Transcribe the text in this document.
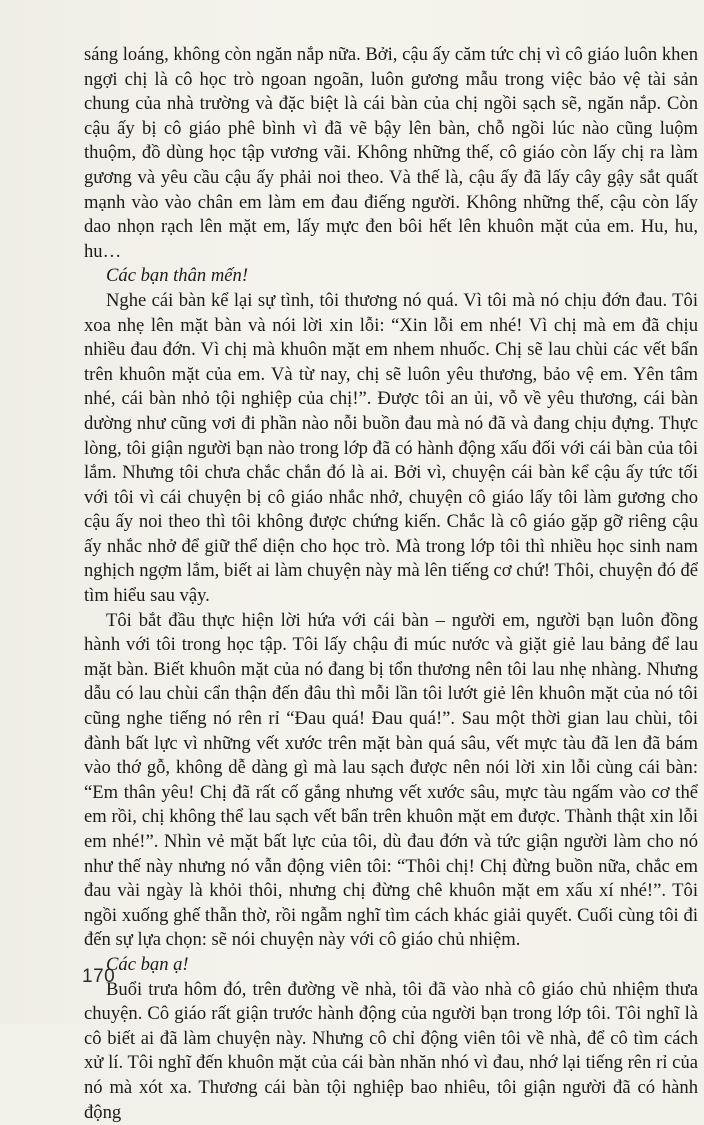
sáng loáng, không còn ngăn nắp nữa. Bởi, cậu ấy căm tức chị vì cô giáo luôn khen ngợi chị là cô học trò ngoan ngoãn, luôn gương mẫu trong việc bảo vệ tài sản chung của nhà trường và đặc biệt là cái bàn của chị ngồi sạch sẽ, ngăn nắp. Còn cậu ấy bị cô giáo phê bình vì đã vẽ bậy lên bàn, chỗ ngồi lúc nào cũng luộm thuộm, đồ dùng học tập vương vãi. Không những thế, cô giáo còn lấy chị ra làm gương và yêu cầu cậu ấy phải noi theo. Và thế là, cậu ấy đã lấy cây gậy sắt quất mạnh vào vào chân em làm em đau điếng người. Không những thế, cậu còn lấy dao nhọn rạch lên mặt em, lấy mực đen bôi hết lên khuôn mặt của em. Hu, hu, hu…

Các bạn thân mến!

Nghe cái bàn kể lại sự tình, tôi thương nó quá. Vì tôi mà nó chịu đớn đau. Tôi xoa nhẹ lên mặt bàn và nói lời xin lỗi: “Xin lỗi em nhé! Vì chị mà em đã chịu nhiều đau đớn. Vì chị mà khuôn mặt em nhem nhuốc. Chị sẽ lau chùi các vết bẩn trên khuôn mặt của em. Và từ nay, chị sẽ luôn yêu thương, bảo vệ em. Yên tâm nhé, cái bàn nhỏ tội nghiệp của chị!”. Được tôi an ủi, vỗ về yêu thương, cái bàn dường như cũng vơi đi phần nào nỗi buồn đau mà nó đã và đang chịu đựng. Thực lòng, tôi giận người bạn nào trong lớp đã có hành động xấu đối với cái bàn của tôi lắm. Nhưng tôi chưa chắc chắn đó là ai. Bởi vì, chuyện cái bàn kể cậu ấy tức tối với tôi vì cái chuyện bị cô giáo nhắc nhở, chuyện cô giáo lấy tôi làm gương cho cậu ấy noi theo thì tôi không được chứng kiến. Chắc là cô giáo gặp gỡ riêng cậu ấy nhắc nhở để giữ thể diện cho học trò. Mà trong lớp tôi thì nhiều học sinh nam nghịch ngợm lắm, biết ai làm chuyện này mà lên tiếng cơ chứ! Thôi, chuyện đó để tìm hiểu sau vậy.

Tôi bắt đầu thực hiện lời hứa với cái bàn – người em, người bạn luôn đồng hành với tôi trong học tập. Tôi lấy chậu đi múc nước và giặt giẻ lau bảng để lau mặt bàn. Biết khuôn mặt của nó đang bị tổn thương nên tôi lau nhẹ nhàng. Nhưng dẫu có lau chùi cẩn thận đến đâu thì mỗi lần tôi lướt giẻ lên khuôn mặt của nó tôi cũng nghe tiếng nó rên rỉ “Đau quá! Đau quá!”. Sau một thời gian lau chùi, tôi đành bất lực vì những vết xước trên mặt bàn quá sâu, vết mực tàu đã len đã bám vào thớ gỗ, không dễ dàng gì mà lau sạch được nên nói lời xin lỗi cùng cái bàn: “Em thân yêu! Chị đã rất cố gắng nhưng vết xước sâu, mực tàu ngấm vào cơ thể em rồi, chị không thể lau sạch vết bẩn trên khuôn mặt em được. Thành thật xin lỗi em nhé!”. Nhìn vẻ mặt bất lực của tôi, dù đau đớn và tức giận người làm cho nó như thế này nhưng nó vẫn động viên tôi: “Thôi chị! Chị đừng buồn nữa, chắc em đau vài ngày là khỏi thôi, nhưng chị đừng chê khuôn mặt em xấu xí nhé!”. Tôi ngồi xuống ghế thẫn thờ, rồi ngẫm nghĩ tìm cách khác giải quyết. Cuối cùng tôi đi đến sự lựa chọn: sẽ nói chuyện này với cô giáo chủ nhiệm.

Các bạn ạ!

Buổi trưa hôm đó, trên đường về nhà, tôi đã vào nhà cô giáo chủ nhiệm thưa chuyện. Cô giáo rất giận trước hành động của người bạn trong lớp tôi. Tôi nghĩ là cô biết ai đã làm chuyện này. Nhưng cô chỉ động viên tôi về nhà, để cô tìm cách xử lí. Tôi nghĩ đến khuôn mặt của cái bàn nhăn nhó vì đau, nhớ lại tiếng rên rỉ của nó mà xót xa. Thương cái bàn tội nghiệp bao nhiêu, tôi giận người đã có hành động

170
